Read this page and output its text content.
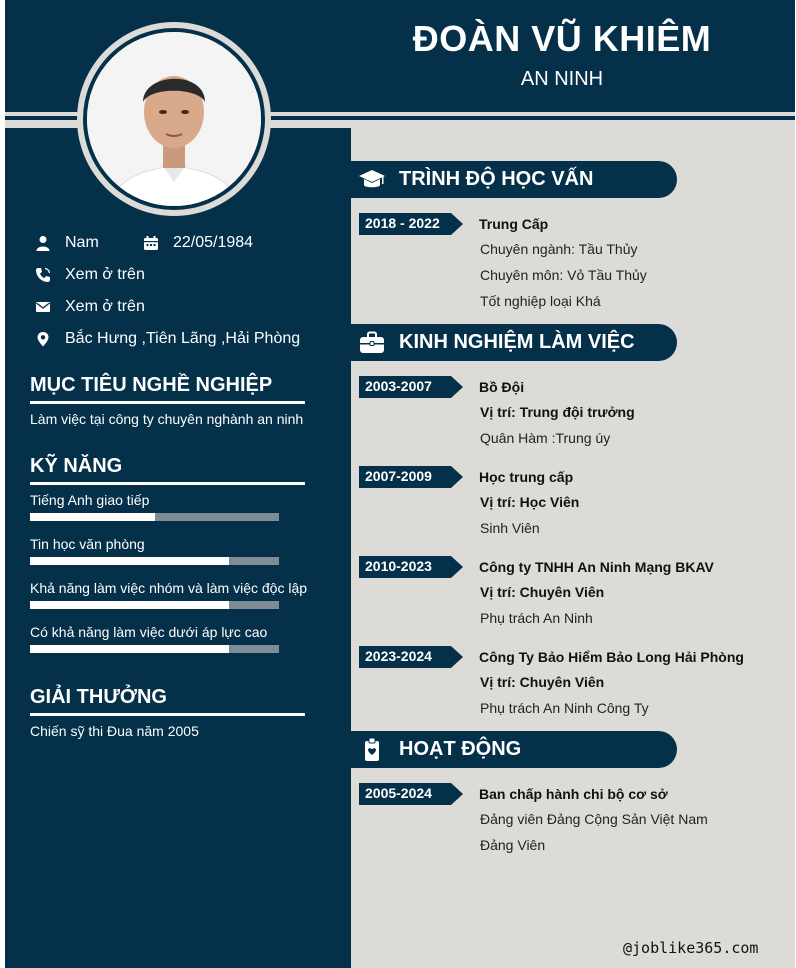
ĐOÀN VŨ KHIÊM
AN NINH
Nam	22/05/1984
Xem ở trên
Xem ở trên
Bắc Hưng ,Tiên Lãng ,Hải Phòng
MỤC TIÊU NGHỀ NGHIỆP
Làm việc tại công ty chuyên nghành an ninh
KỸ NĂNG
Tiếng Anh giao tiếp
Tin học văn phòng
Khả năng làm việc nhóm và làm việc độc lập
Có khả năng làm việc dưới áp lực cao
GIẢI THƯỞNG
Chiến sỹ thi Đua năm 2005
TRÌNH ĐỘ HỌC VẤN
2018 - 2022	Trung Cấp
Chuyên ngành: Tầu Thủy
Chuyên môn: Vỏ Tầu Thủy
Tốt nghiệp loại Khá
KINH NGHIỆM LÀM VIỆC
2003-2007	Bồ Đội
Vị trí: Trung đội trưởng
Quân Hàm :Trung úy
2007-2009	Học trung cấp
Vị trí: Học Viên
Sinh Viên
2010-2023	Công ty TNHH An Ninh Mạng BKAV
Vị trí: Chuyên Viên
Phụ trách An Ninh
2023-2024	Công Ty Bảo Hiểm Bảo Long Hải Phòng
Vị trí: Chuyên Viên
Phụ trách An Ninh Công Ty
HOẠT ĐỘNG
2005-2024	Ban chấp hành chi bộ cơ sở
Đảng viên Đảng Cộng Sản Việt Nam
Đảng Viên
@joblike365.com
